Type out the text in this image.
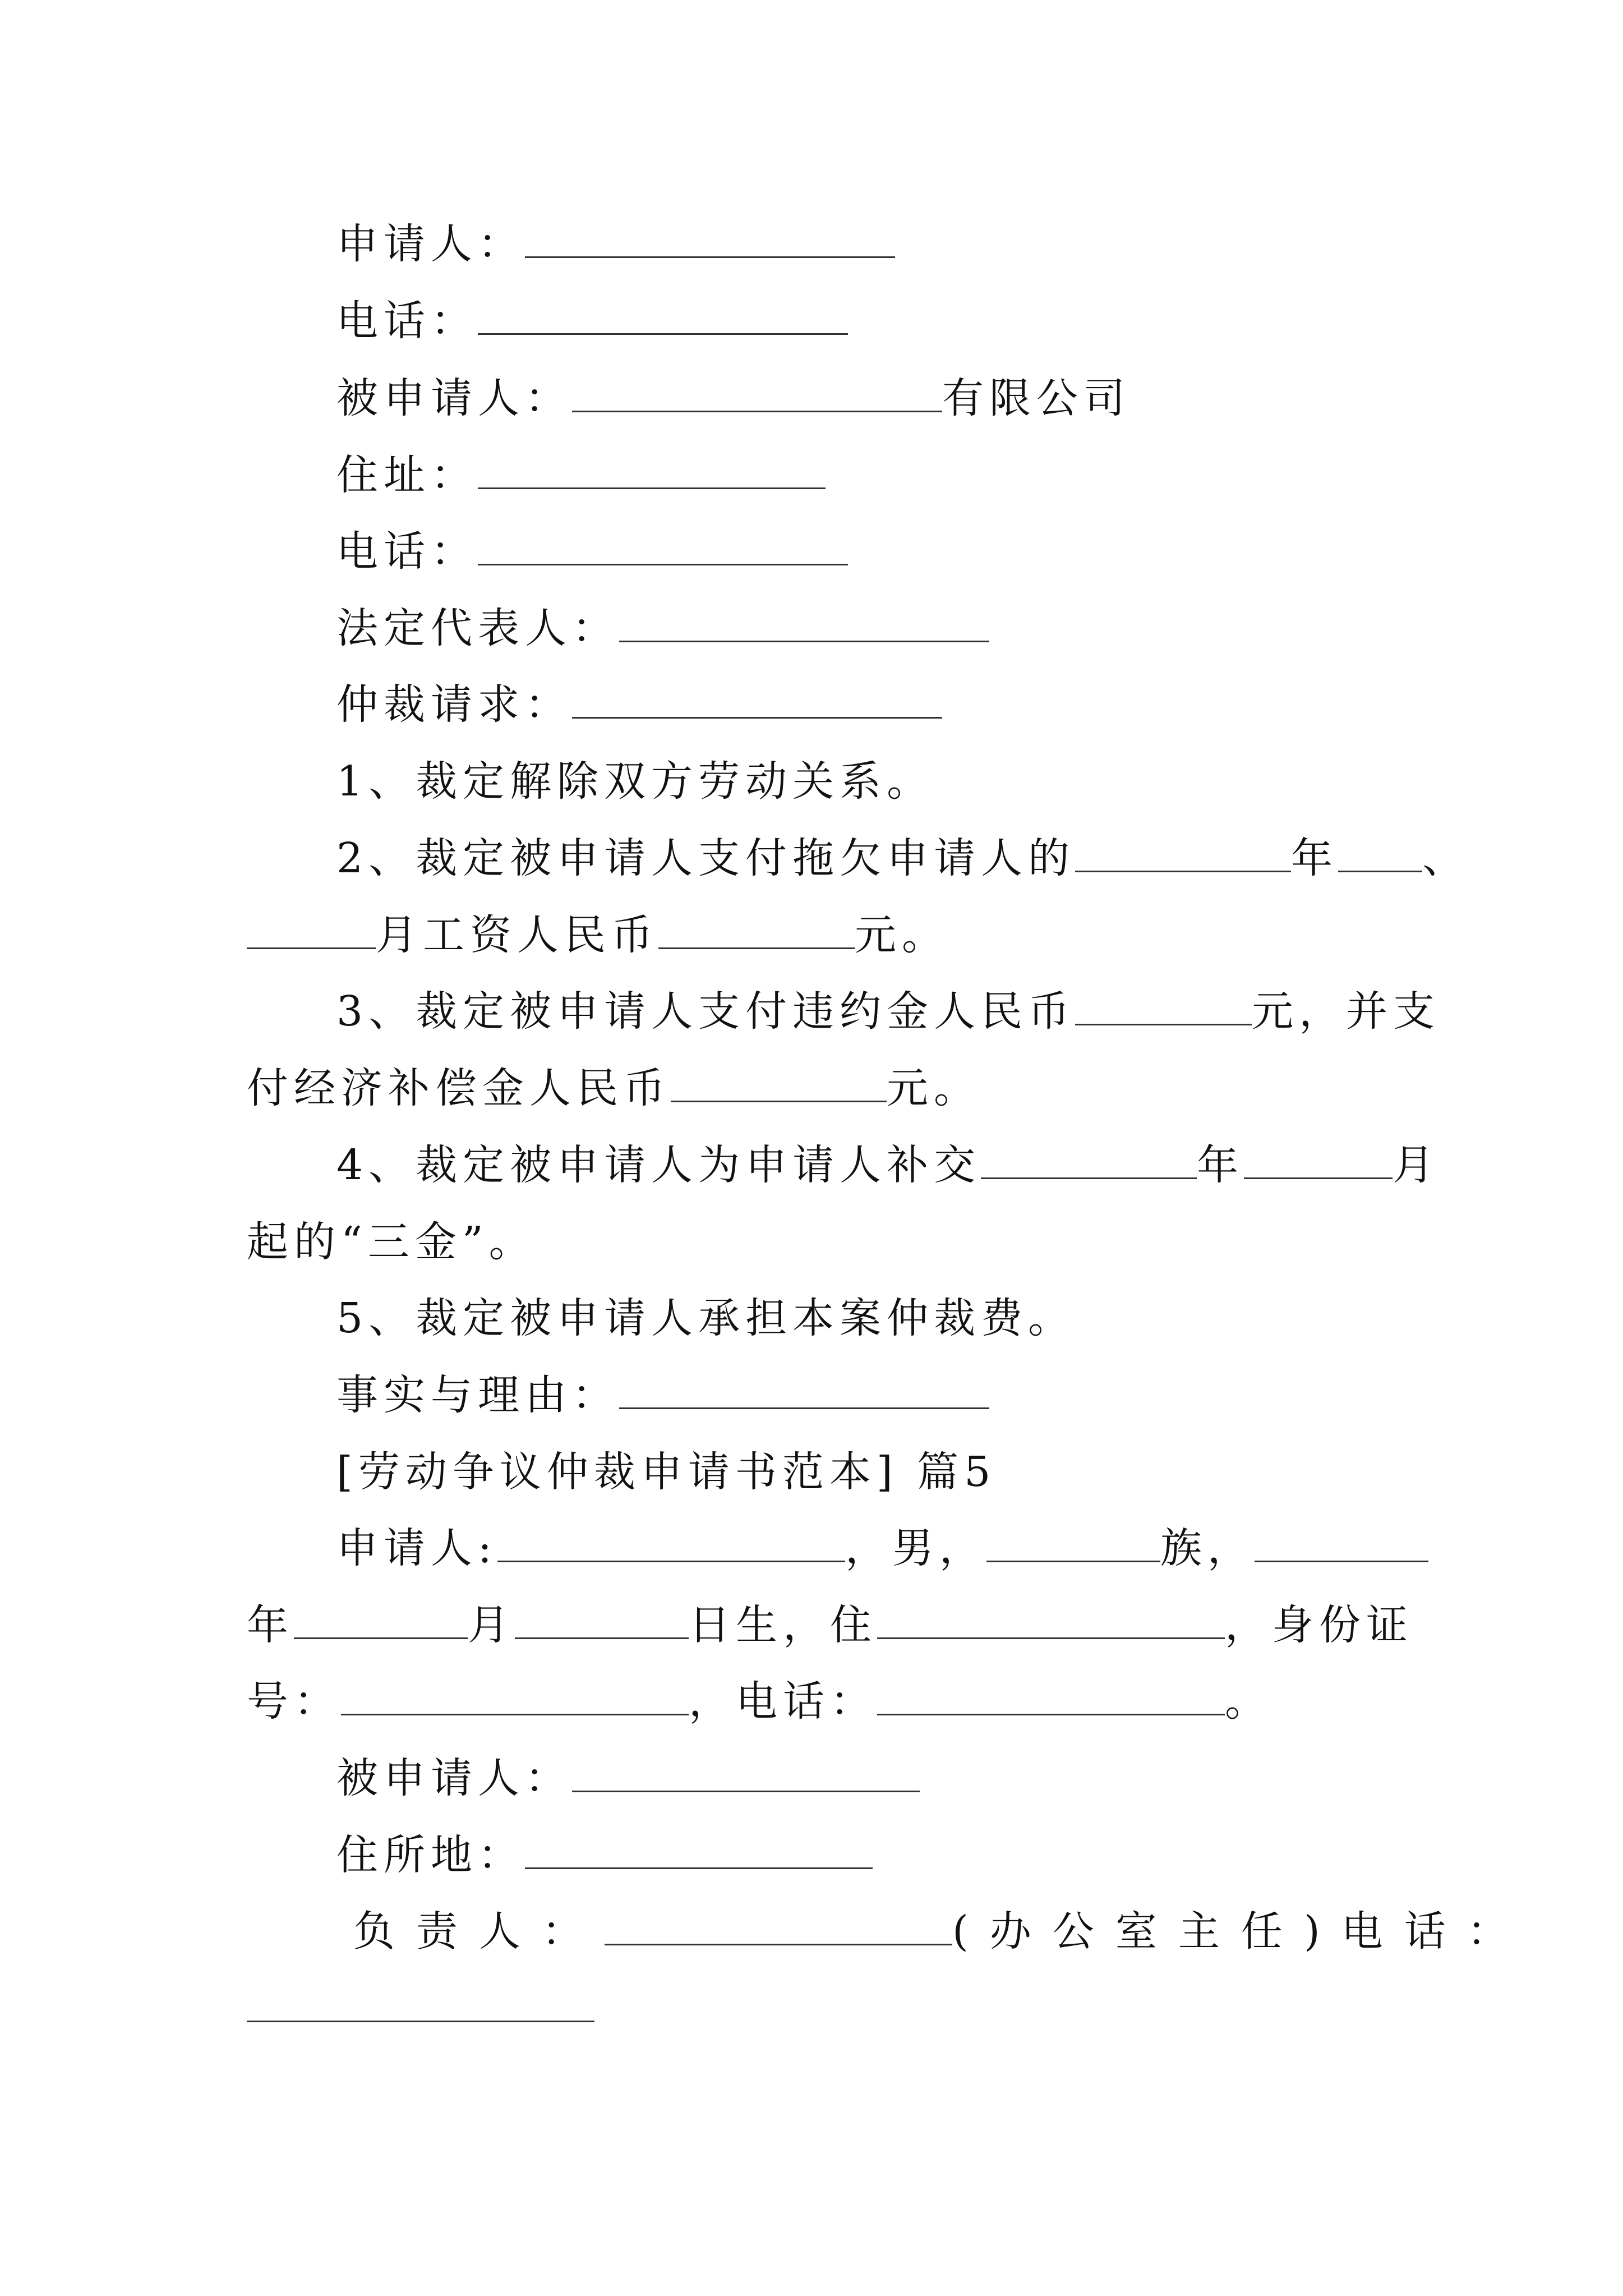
申请人：
电话：
被申请人：	有限公司
住址：
电话：
法定代表人：
仲裁请求：
1、裁定解除双方劳动关系。
2、裁定被申请人支付拖欠申请人的	年 、
月工资人民币	元。
3、裁定被申请人支付违约金人民币	元，并支
付经济补偿金人民币	元。
4、裁定被申请人为申请人补交	年	月
起的“三金”。
5、裁定被申请人承担本案仲裁费。
事实与理由：
[劳动争议仲裁申请书范本] 篇5
申请人:	，男，	族，
年	月	日生，住	，身份证
号：	，电话：	。
被申请人：
住所地：
负责人：	(办公室主任)电话：
